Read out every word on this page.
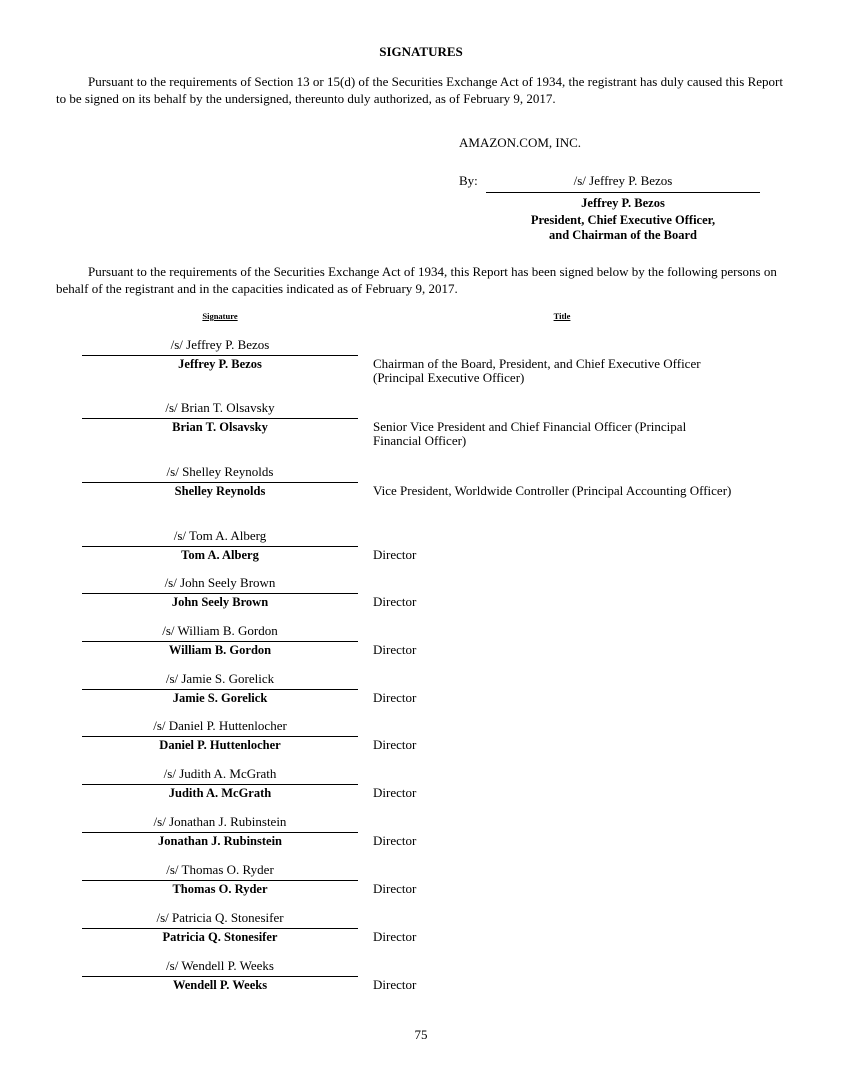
SIGNATURES
Pursuant to the requirements of Section 13 or 15(d) of the Securities Exchange Act of 1934, the registrant has duly caused this Report to be signed on its behalf by the undersigned, thereunto duly authorized, as of February 9, 2017.
AMAZON.COM, INC.
By:	/s/ Jeffrey P. Bezos
Jeffrey P. Bezos
President, Chief Executive Officer,
and Chairman of the Board
Pursuant to the requirements of the Securities Exchange Act of 1934, this Report has been signed below by the following persons on behalf of the registrant and in the capacities indicated as of February 9, 2017.
Signature	Title
/s/ Jeffrey P. Bezos
Jeffrey P. Bezos	Chairman of the Board, President, and Chief Executive Officer (Principal Executive Officer)
/s/ Brian T. Olsavsky
Brian T. Olsavsky	Senior Vice President and Chief Financial Officer (Principal Financial Officer)
/s/ Shelley Reynolds
Shelley Reynolds	Vice President, Worldwide Controller (Principal Accounting Officer)
/s/ Tom A. Alberg
Tom A. Alberg	Director
/s/ John Seely Brown
John Seely Brown	Director
/s/ William B. Gordon
William B. Gordon	Director
/s/ Jamie S. Gorelick
Jamie S. Gorelick	Director
/s/ Daniel P. Huttenlocher
Daniel P. Huttenlocher	Director
/s/ Judith A. McGrath
Judith A. McGrath	Director
/s/ Jonathan J. Rubinstein
Jonathan J. Rubinstein	Director
/s/ Thomas O. Ryder
Thomas O. Ryder	Director
/s/ Patricia Q. Stonesifer
Patricia Q. Stonesifer	Director
/s/ Wendell P. Weeks
Wendell P. Weeks	Director
75
